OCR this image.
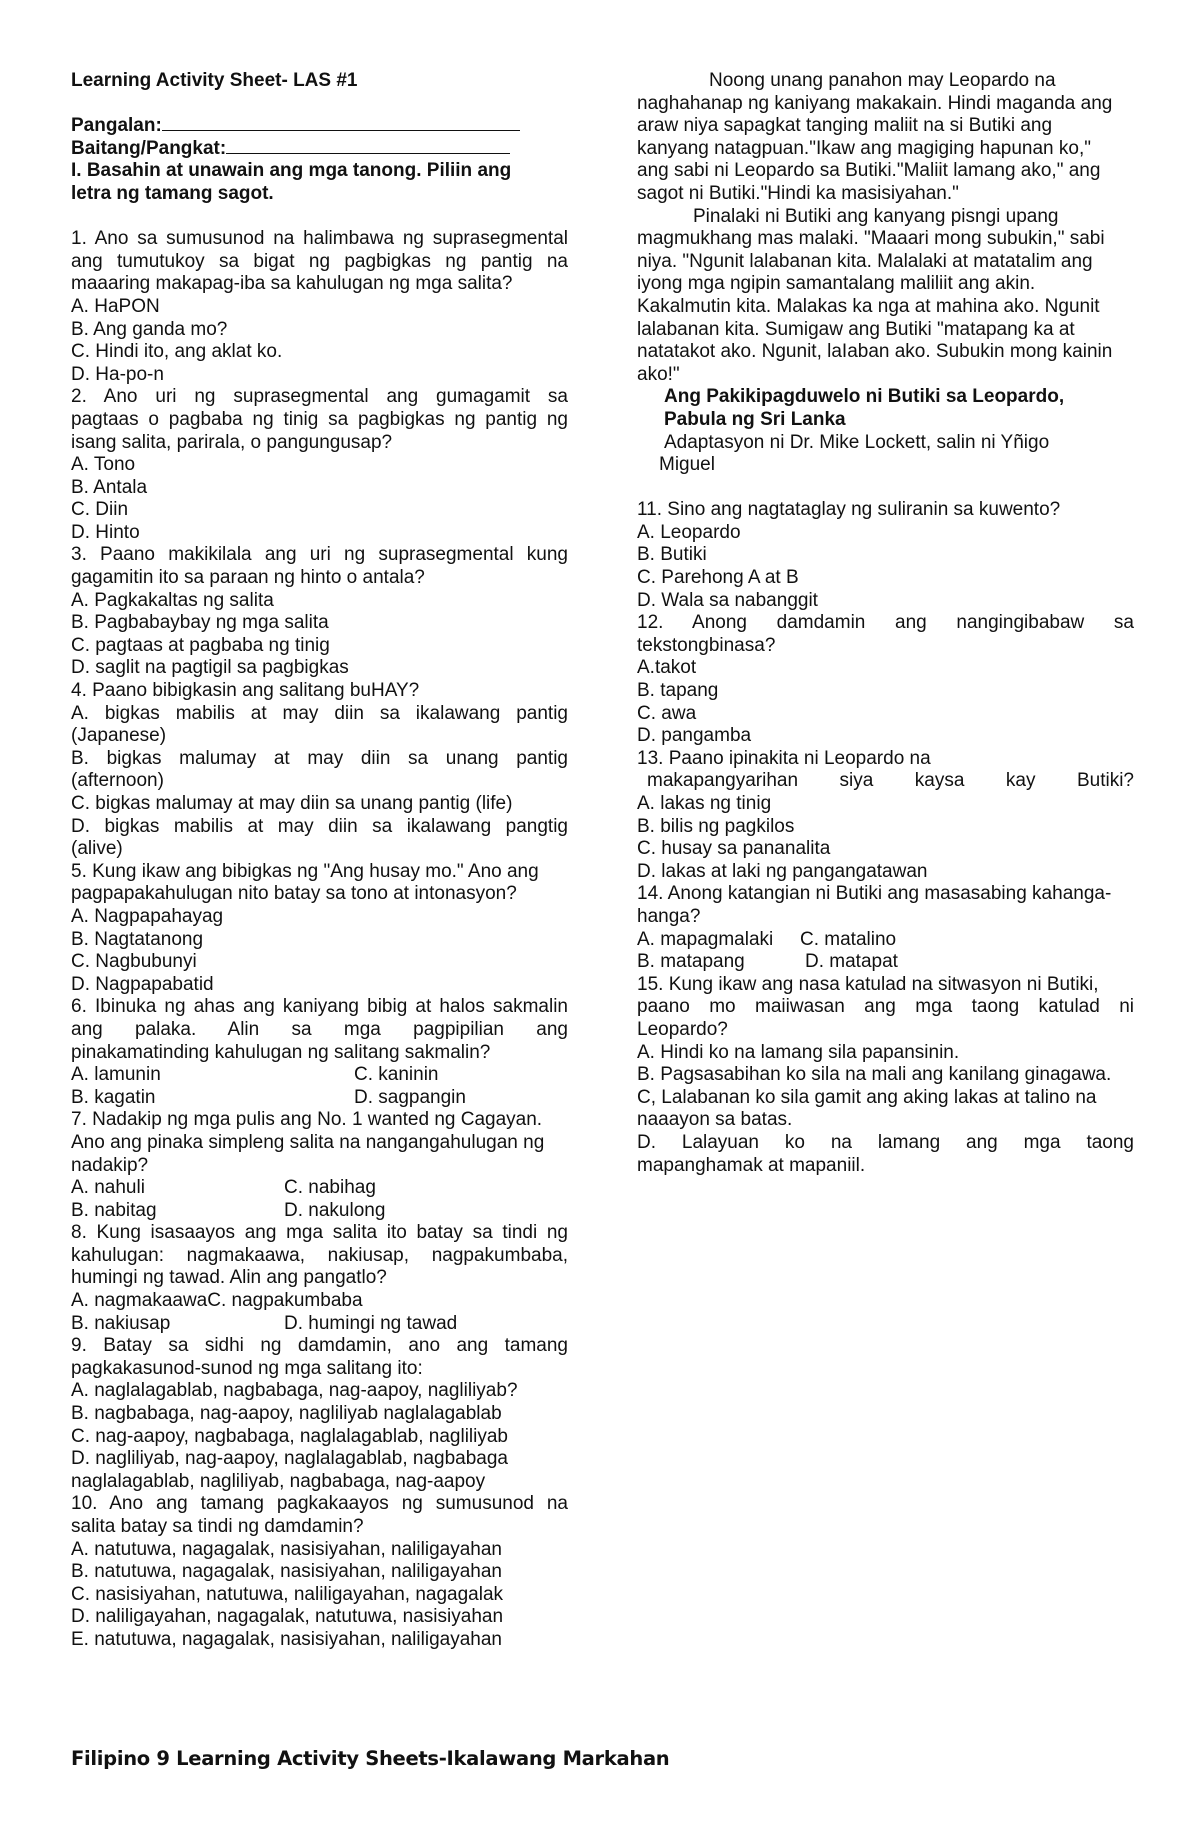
Learning Activity Sheet- LAS #1
Pangalan:
Baitang/Pangkat:
I. Basahin at unawain ang mga tanong. Piliin ang
letra ng tamang sagot.
1. Ano sa sumusunod na halimbawa ng suprasegmental
ang tumutukoy sa bigat ng pagbigkas ng pantig na
maaaring makapag-iba sa kahulugan ng mga salita?
A. HaPON
B. Ang ganda mo?
C. Hindi ito, ang aklat ko.
D. Ha-po-n
2. Ano uri ng suprasegmental ang gumagamit sa
pagtaas o pagbaba ng tinig sa pagbigkas ng pantig ng
isang salita, parirala, o pangungusap?
A. Tono
B. Antala
C. Diin
D. Hinto
3. Paano makikilala ang uri ng suprasegmental kung
gagamitin ito sa paraan ng hinto o antala?
A. Pagkakaltas ng salita
B. Pagbabaybay ng mga salita
C. pagtaas at pagbaba ng tinig
D. saglit na pagtigil sa pagbigkas
4. Paano bibigkasin ang salitang buHAY?
A. bigkas mabilis at may diin sa ikalawang pantig
(Japanese)
B. bigkas malumay at may diin sa unang pantig
(afternoon)
C. bigkas malumay at may diin sa unang pantig (life)
D. bigkas mabilis at may diin sa ikalawang pangtig
(alive)
5. Kung ikaw ang bibigkas ng "Ang husay mo." Ano ang
pagpapakahulugan nito batay sa tono at intonasyon?
A. Nagpapahayag
B. Nagtatanong
C. Nagbubunyi
D. Nagpapabatid
6. Ibinuka ng ahas ang kaniyang bibig at halos sakmalin
ang palaka. Alin sa mga pagpipilian ang
pinakamatinding kahulugan ng salitang sakmalin?
A. lamunin	C. kaninin
B. kagatin	D. sagpangin
7. Nadakip ng mga pulis ang No. 1 wanted ng Cagayan.
Ano ang pinaka simpleng salita na nangangahulugan ng
nadakip?
A. nahuli	C. nabihag
B. nabitag	D. nakulong
8. Kung isasaayos ang mga salita ito batay sa tindi ng
kahulugan: nagmakaawa, nakiusap, nagpakumbaba,
humingi ng tawad. Alin ang pangatlo?
A. nagmakaawaC. nagpakumbaba
B. nakiusap	D. humingi ng tawad
9. Batay sa sidhi ng damdamin, ano ang tamang
pagkakasunod-sunod ng mga salitang ito:
A. naglalagablab, nagbabaga, nag-aapoy, nagliliyab?
B. nagbabaga, nag-aapoy, nagliliyab naglalagablab
C. nag-aapoy, nagbabaga, naglalagablab, nagliliyab
D. nagliliyab, nag-aapoy, naglalagablab, nagbabaga
naglalagablab, nagliliyab, nagbabaga, nag-aapoy
10. Ano ang tamang pagkakaayos ng sumusunod na
salita batay sa tindi ng damdamin?
A. natutuwa, nagagalak, nasisiyahan, naliligayahan
B. natutuwa, nagagalak, nasisiyahan, naliligayahan
C. nasisiyahan, natutuwa, naliligayahan, nagagalak
D. naliligayahan, nagagalak, natutuwa, nasisiyahan
E. natutuwa, nagagalak, nasisiyahan, naliligayahan
Noong unang panahon may Leopardo na
naghahanap ng kaniyang makakain. Hindi maganda ang
araw niya sapagkat tanging maliit na si Butiki ang
kanyang natagpuan."Ikaw ang magiging hapunan ko,"
ang sabi ni Leopardo sa Butiki."Maliit lamang ako," ang
sagot ni Butiki."Hindi ka masisiyahan."
Pinalaki ni Butiki ang kanyang pisngi upang
magmukhang mas malaki. "Maaari mong subukin," sabi
niya. "Ngunit lalabanan kita. Malalaki at matatalim ang
iyong mga ngipin samantalang maliliit ang akin.
Kakalmutin kita. Malakas ka nga at mahina ako. Ngunit
lalabanan kita. Sumigaw ang Butiki "matapang ka at
natatakot ako. Ngunit, laIaban ako. Subukin mong kainin
ako!"
Ang Pakikipagduwelo ni Butiki sa Leopardo,
Pabula ng Sri Lanka
Adaptasyon ni Dr. Mike Lockett, salin ni Yñigo
Miguel
11. Sino ang nagtataglay ng suliranin sa kuwento?
A. Leopardo
B. Butiki
C. Parehong A at B
D. Wala sa nabanggit
12. Anong damdamin ang nangingibabaw sa
tekstongbinasa?
A.takot
B. tapang
C. awa
D. pangamba
13. Paano ipinakita ni Leopardo na
makapangyarihan siya kaysa kay Butiki?
A. lakas ng tinig
B. bilis ng pagkilos
C. husay sa pananalita
D. lakas at laki ng pangangatawan
14. Anong katangian ni Butiki ang masasabing kahanga-
hanga?
A. mapagmalaki	C. matalino
B. matapang	D. matapat
15. Kung ikaw ang nasa katulad na sitwasyon ni Butiki,
paano mo maiiwasan ang mga taong katulad ni
Leopardo?
A. Hindi ko na lamang sila papansinin.
B. Pagsasabihan ko sila na mali ang kanilang ginagawa.
C, Lalabanan ko sila gamit ang aking lakas at talino na
naaayon sa batas.
D. Lalayuan ko na lamang ang mga taong
mapanghamak at mapaniil.
Filipino 9 Learning Activity Sheets-Ikalawang Markahan
